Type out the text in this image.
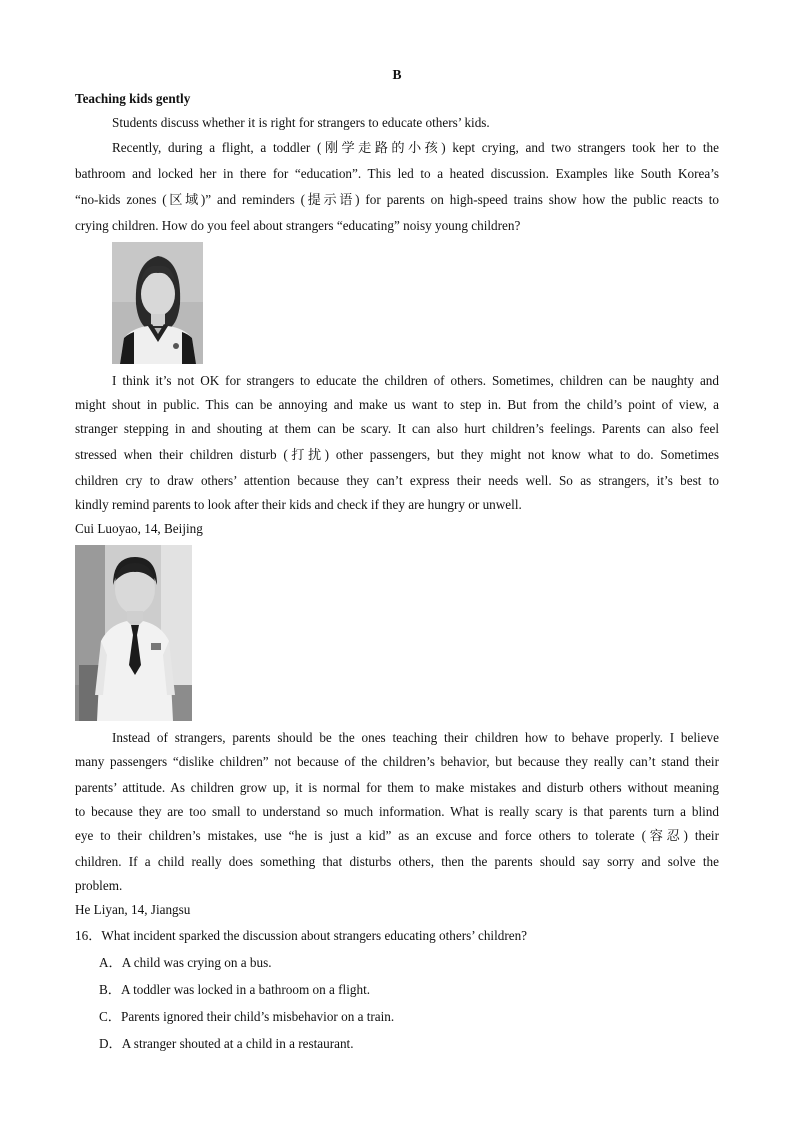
B
Teaching kids gently
Students discuss whether it is right for strangers to educate others’ kids.
Recently, during a flight, a toddler (刚学走路的小孩) kept crying, and two strangers took her to the
bathroom and locked her in there for “education”. This led to a heated discussion. Examples like South Korea’s
“no-kids zones (区域)” and reminders (提示语) for parents on high-speed trains show how the public reacts to
crying children. How do you feel about strangers “educating” noisy young children?
I think it’s not OK for strangers to educate the children of others. Sometimes, children can be naughty and
might shout in public. This can be annoying and make us want to step in. But from the child’s point of view, a
stranger stepping in and shouting at them can be scary. It can also hurt children’s feelings. Parents can also feel
stressed when their children disturb (打扰) other passengers, but they might not know what to do. Sometimes
children cry to draw others’ attention because they can’t express their needs well. So as strangers, it’s best to
kindly remind parents to look after their kids and check if they are hungry or unwell.
Cui Luoyao, 14, Beijing
Instead of strangers, parents should be the ones teaching their children how to behave properly. I believe
many passengers “dislike children” not because of the children’s behavior, but because they really can’t stand their
parents’ attitude. As children grow up, it is normal for them to make mistakes and disturb others without meaning
to because they are too small to understand so much information. What is really scary is that parents turn a blind
eye to their children’s mistakes, use “he is just a kid” as an excuse and force others to tolerate (容忍) their
children. If a child really does something that disturbs others, then the parents should say sorry and solve the
problem.
He Liyan, 14, Jiangsu
16．What incident sparked the discussion about strangers educating others’ children?
A．A child was crying on a bus.
B．A toddler was locked in a bathroom on a flight.
C．Parents ignored their child’s misbehavior on a train.
D．A stranger shouted at a child in a restaurant.
